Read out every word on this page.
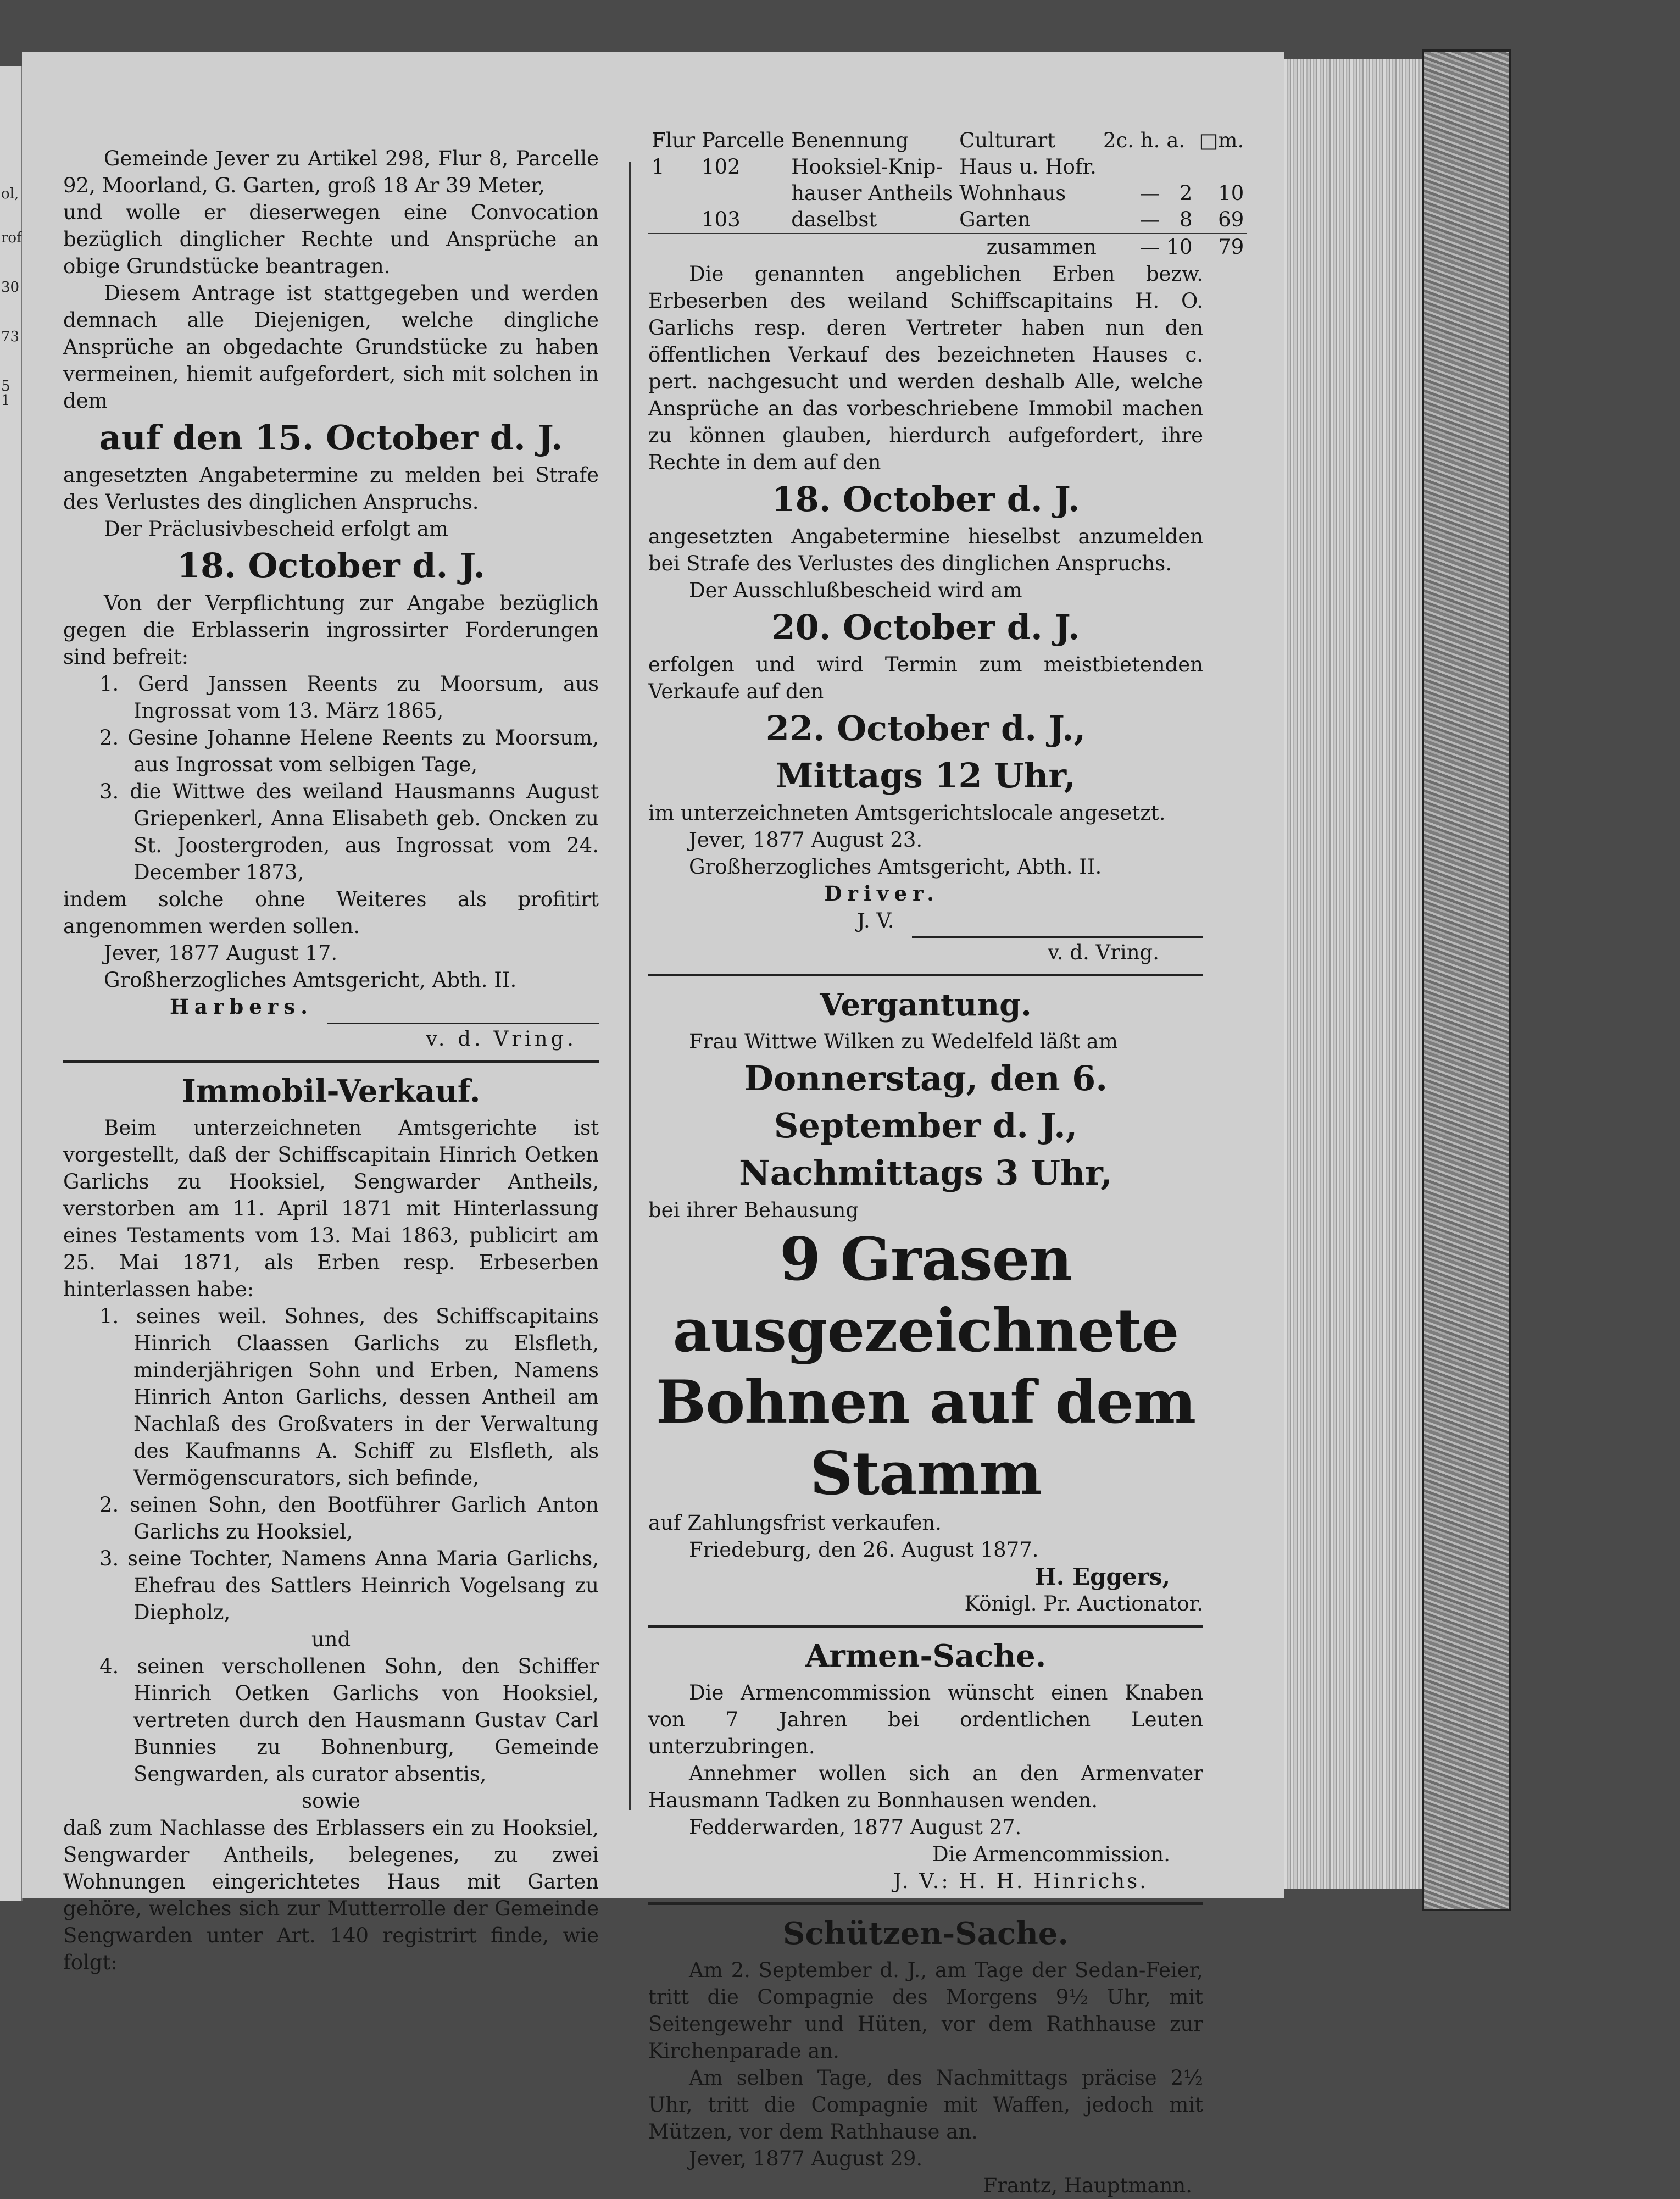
ol,
rof
30
73
5 1

Gemeinde Jever zu Artikel 298, Flur 8, Parcelle 92, Moorland, G. Garten, groß 18 Ar 39 Meter,

und wolle er dieserwegen eine Convocation bezüglich dinglicher Rechte und Ansprüche an obige Grundstücke beantragen.

Diesem Antrage ist stattgegeben und werden demnach alle Diejenigen, welche dingliche Ansprüche an obgedachte Grundstücke zu haben vermeinen, hiemit aufgefordert, sich mit solchen in dem

auf den 15. October d. J.

angesetzten Angabetermine zu melden bei Strafe des Verlustes des dinglichen Anspruchs.

Der Präclusivbescheid erfolgt am

18. October d. J.

Von der Verpflichtung zur Angabe bezüglich gegen die Erblasserin ingrossirter Forderungen sind befreit:

1. Gerd Janssen Reents zu Moorsum, aus Ingrossat vom 13. März 1865,

2. Gesine Johanne Helene Reents zu Moorsum, aus Ingrossat vom selbigen Tage,

3. die Wittwe des weiland Hausmanns August Griepenkerl, Anna Elisabeth geb. Oncken zu St. Joostergroden, aus Ingrossat vom 24. December 1873,

indem solche ohne Weiteres als profitirt angenommen werden sollen.

Jever, 1877 August 17.

Großherzogliches Amtsgericht, Abth. II.

Harbers.

v. d. Vring.

Immobil-Verkauf.

Beim unterzeichneten Amtsgerichte ist vorgestellt, daß der Schiffscapitain Hinrich Oetken Garlichs zu Hooksiel, Sengwarder Antheils, verstorben am 11. April 1871 mit Hinterlassung eines Testaments vom 13. Mai 1863, publicirt am 25. Mai 1871, als Erben resp. Erbeserben hinterlassen habe:

1. seines weil. Sohnes, des Schiffscapitains Hinrich Claassen Garlichs zu Elsfleth, minderjährigen Sohn und Erben, Namens Hinrich Anton Garlichs, dessen Antheil am Nachlaß des Großvaters in der Verwaltung des Kaufmanns A. Schiff zu Elsfleth, als Vermögenscurators, sich befinde,

2. seinen Sohn, den Bootführer Garlich Anton Garlichs zu Hooksiel,

3. seine Tochter, Namens Anna Maria Garlichs, Ehefrau des Sattlers Heinrich Vogelsang zu Diepholz,

und

4. seinen verschollenen Sohn, den Schiffer Hinrich Oetken Garlichs von Hooksiel, vertreten durch den Hausmann Gustav Carl Bunnies zu Bohnenburg, Gemeinde Sengwarden, als curator absentis,

sowie

daß zum Nachlasse des Erblassers ein zu Hooksiel, Sengwarder Antheils, belegenes, zu zwei Wohnungen eingerichtetes Haus mit Garten gehöre, welches sich zur Mutterrolle der Gemeinde Sengwarden unter Art. 140 registrirt finde, wie folgt:

Flur	Parcelle	Benennung	Culturart	2c. h.	a.	□m.
1	102	Hooksiel-Knip-	Haus u. Hofr.			
		hauser Antheils	Wohnhaus	—	2	10
	103	daselbst	Garten	—	8	69
			zusammen	—	10	79

Die genannten angeblichen Erben bezw. Erbeserben des weiland Schiffscapitains H. O. Garlichs resp. deren Vertreter haben nun den öffentlichen Verkauf des bezeichneten Hauses c. pert. nachgesucht und werden deshalb Alle, welche Ansprüche an das vorbeschriebene Immobil machen zu können glauben, hierdurch aufgefordert, ihre Rechte in dem auf den

18. October d. J.

angesetzten Angabetermine hieselbst anzumelden bei Strafe des Verlustes des dinglichen Anspruchs.

Der Ausschlußbescheid wird am

20. October d. J.

erfolgen und wird Termin zum meistbietenden Verkaufe auf den

22. October d. J.,

Mittags 12 Uhr,

im unterzeichneten Amtsgerichtslocale angesetzt.

Jever, 1877 August 23.

Großherzogliches Amtsgericht, Abth. II.

Driver.

J. V.

v. d. Vring.

Vergantung.

Frau Wittwe Wilken zu Wedelfeld läßt am

Donnerstag, den 6. September d. J.,

Nachmittags 3 Uhr,

bei ihrer Behausung

9 Grasen ausgezeichnete

Bohnen auf dem Stamm

auf Zahlungsfrist verkaufen.

Friedeburg, den 26. August 1877.

H. Eggers,

Königl. Pr. Auctionator.

Armen-Sache.

Die Armencommission wünscht einen Knaben von 7 Jahren bei ordentlichen Leuten unterzubringen.

Annehmer wollen sich an den Armenvater Hausmann Tadken zu Bonnhausen wenden.

Fedderwarden, 1877 August 27.

Die Armencommission.

J. V.: H. H. Hinrichs.

Schützen-Sache.

Am 2. September d. J., am Tage der Sedan-Feier, tritt die Compagnie des Morgens 9½ Uhr, mit Seitengewehr und Hüten, vor dem Rathhause zur Kirchenparade an.

Am selben Tage, des Nachmittags präcise 2½ Uhr, tritt die Compagnie mit Waffen, jedoch mit Mützen, vor dem Rathhause an.

Jever, 1877 August 29.

Frantz, Hauptmann.
